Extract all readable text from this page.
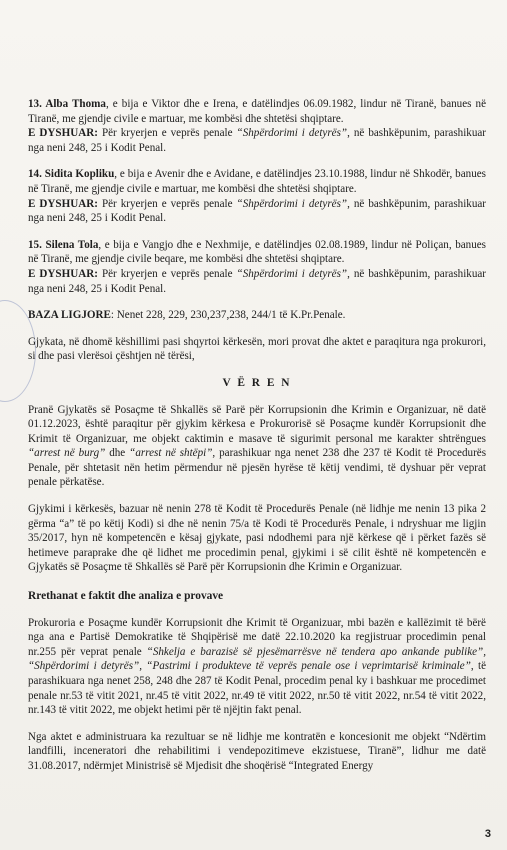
13. Alba Thoma, e bija e Viktor dhe e Irena, e datëlindjes 06.09.1982, lindur në Tiranë, banues në Tiranë, me gjendje civile e martuar, me kombësi dhe shtetësi shqiptare.
E DYSHUAR: Për kryerjen e veprës penale “Shpërdorimi i detyrës”, në bashkëpunim, parashikuar nga neni 248, 25 i Kodit Penal.
14. Sidita Kopliku, e bija e Avenir dhe e Avidane, e datëlindjes 23.10.1988, lindur në Shkodër, banues në Tiranë, me gjendje civile e martuar, me kombësi dhe shtetësi shqiptare.
E DYSHUAR: Për kryerjen e veprës penale “Shpërdorimi i detyrës”, në bashkëpunim, parashikuar nga neni 248, 25 i Kodit Penal.
15. Silena Tola, e bija e Vangjo dhe e Nexhmije, e datëlindjes 02.08.1989, lindur në Poliçan, banues në Tiranë, me gjendje civile beqare, me kombësi dhe shtetësi shqiptare.
E DYSHUAR: Për kryerjen e veprës penale “Shpërdorimi i detyrës”, në bashkëpunim, parashikuar nga neni 248, 25 i Kodit Penal.

BAZA LIGJORE: Nenet 228, 229, 230,237,238, 244/1 të K.Pr.Penale.

Gjykata, në dhomë këshillimi pasi shqyrtoi kërkesën, mori provat dhe aktet e paraqitura nga prokurori, si dhe pasi vlerësoi çështjen në tërësi,

V Ë R E N

Pranë Gjykatës së Posaçme të Shkallës së Parë për Korrupsionin dhe Krimin e Organizuar, në datë 01.12.2023, është paraqitur për gjykim kërkesa e Prokurorisë së Posaçme kundër Korrupsionit dhe Krimit të Organizuar, me objekt caktimin e masave të sigurimit personal me karakter shtrëngues “arrest në burg” dhe “arrest në shtëpi”, parashikuar nga nenet 238 dhe 237 të Kodit të Procedurës Penale, për shtetasit nën hetim përmendur në pjesën hyrëse të këtij vendimi, të dyshuar për veprat penale përkatëse.

Gjykimi i kërkesës, bazuar në nenin 278 të Kodit të Procedurës Penale (në lidhje me nenin 13 pika 2 gërma “a” të po këtij Kodi) si dhe në nenin 75/a të Kodi të Procedurës Penale, i ndryshuar me ligjin 35/2017, hyn në kompetencën e kësaj gjykate, pasi ndodhemi para një kërkese që i përket fazës së hetimeve paraprake dhe që lidhet me procedimin penal, gjykimi i së cilit është në kompetencën e Gjykatës së Posaçme të Shkallës së Parë për Korrupsionin dhe Krimin e Organizuar.

Rrethanat e faktit dhe analiza e provave

Prokuroria e Posaçme kundër Korrupsionit dhe Krimit të Organizuar, mbi bazën e kallëzimit të bërë nga ana e Partisë Demokratike të Shqipërisë me datë 22.10.2020 ka regjistruar procedimin penal nr.255 për veprat penale “Shkelja e barazisë së pjesëmarrësve në tendera apo ankande publike”, “Shpërdorimi i detyrës”, “Pastrimi i produkteve të veprës penale ose i veprimtarisë kriminale”, të parashikuara nga nenet 258, 248 dhe 287 të Kodit Penal, procedim penal ky i bashkuar me procedimet penale nr.53 të vitit 2021, nr.45 të vitit 2022, nr.49 të vitit 2022, nr.50 të vitit 2022, nr.54 të vitit 2022, nr.143 të vitit 2022, me objekt hetimi për të njëjtin fakt penal.

Nga aktet e administruara ka rezultuar se në lidhje me kontratën e koncesionit me objekt “Ndërtim landfilli, inceneratori dhe rehabilitimi i vendepozitimeve ekzistuese, Tiranë”, lidhur me datë 31.08.2017, ndërmjet Ministrisë së Mjedisit dhe shoqërisë “Integrated Energy

3
